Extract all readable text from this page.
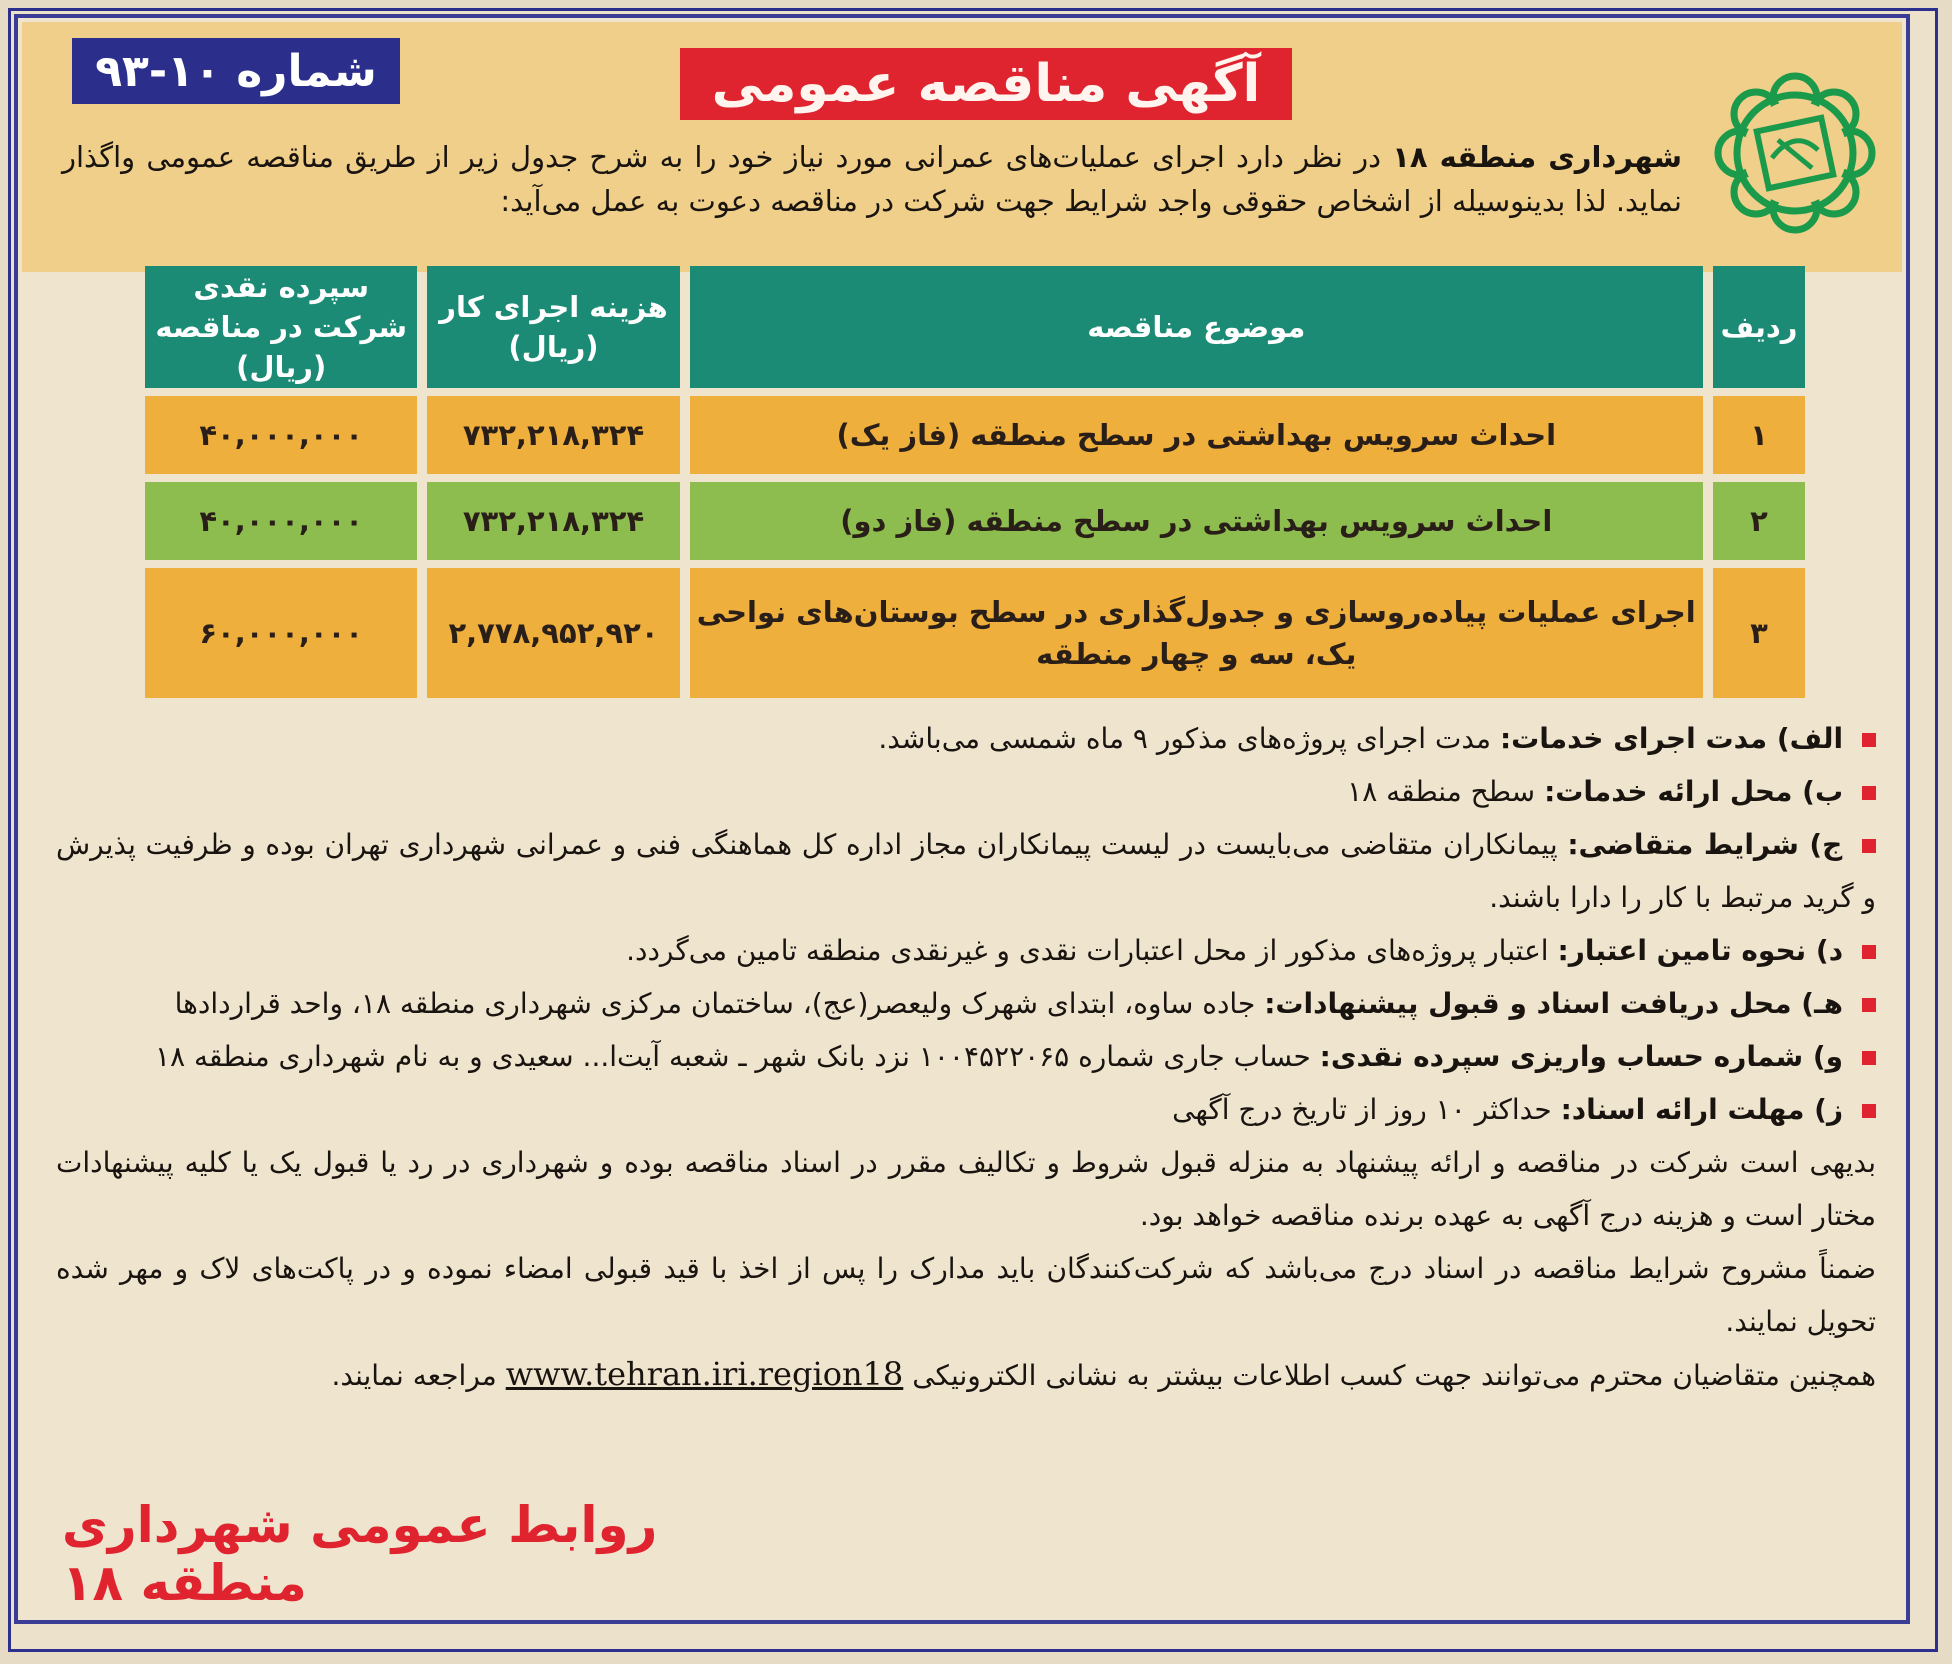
آگهی مناقصه عمومی
شماره ۱۰-۹۳
شهرداری منطقه ۱۸ در نظر دارد اجرای عملیات‌های عمرانی مورد نیاز خود را به شرح جدول زیر از طریق مناقصه عمومی واگذار نماید. لذا بدینوسیله از اشخاص حقوقی واجد شرایط جهت شرکت در مناقصه دعوت به عمل می‌آید:
ردیف	موضوع مناقصه	هزینه اجرای کار (ریال)	سپرده نقدی شرکت در مناقصه (ریال)
۱	احداث سرویس بهداشتی در سطح منطقه (فاز یک)	۷۳۲,۲۱۸,۳۲۴	۴۰,۰۰۰,۰۰۰
۲	احداث سرویس بهداشتی در سطح منطقه (فاز دو)	۷۳۲,۲۱۸,۳۲۴	۴۰,۰۰۰,۰۰۰
۳	اجرای عملیات پیاده‌روسازی و جدول‌گذاری در سطح بوستان‌های نواحی یک، سه و چهار منطقه	۲,۷۷۸,۹۵۲,۹۲۰	۶۰,۰۰۰,۰۰۰

الف) مدت اجرای خدمات: مدت اجرای پروژه‌های مذکور ۹ ماه شمسی می‌باشد.

ب) محل ارائه خدمات: سطح منطقه ۱۸

ج) شرایط متقاضی: پیمانکاران متقاضی می‌بایست در لیست پیمانکاران مجاز اداره کل هماهنگی فنی و عمرانی شهرداری تهران بوده و ظرفیت پذیرش و گرید مرتبط با کار را دارا باشند.

د) نحوه تامین اعتبار: اعتبار پروژه‌های مذکور از محل اعتبارات نقدی و غیرنقدی منطقه تامین می‌گردد.

هـ) محل دریافت اسناد و قبول پیشنهادات: جاده ساوه، ابتدای شهرک ولیعصر(عج)، ساختمان مرکزی شهرداری منطقه ۱۸، واحد قراردادها

و) شماره حساب واریزی سپرده نقدی: حساب جاری شماره ۱۰۰۴۵۲۲۰۶۵ نزد بانک شهر ـ شعبه آیت‌ا... سعیدی و به نام شهرداری منطقه ۱۸

ز) مهلت ارائه اسناد: حداکثر ۱۰ روز از تاریخ درج آگهی

بدیهی است شرکت در مناقصه و ارائه پیشنهاد به منزله قبول شروط و تکالیف مقرر در اسناد مناقصه بوده و شهرداری در رد یا قبول یک یا کلیه پیشنهادات مختار است و هزینه درج آگهی به عهده برنده مناقصه خواهد بود.

ضمناً مشروح شرایط مناقصه در اسناد درج می‌باشد که شرکت‌کنندگان باید مدارک را پس از اخذ با قید قبولی امضاء نموده و در پاکت‌های لاک و مهر شده تحویل نمایند.

همچنین متقاضیان محترم می‌توانند جهت کسب اطلاعات بیشتر به نشانی الکترونیکی www.tehran.iri.region18 مراجعه نمایند.

روابط عمومی شهرداری منطقه ۱۸
